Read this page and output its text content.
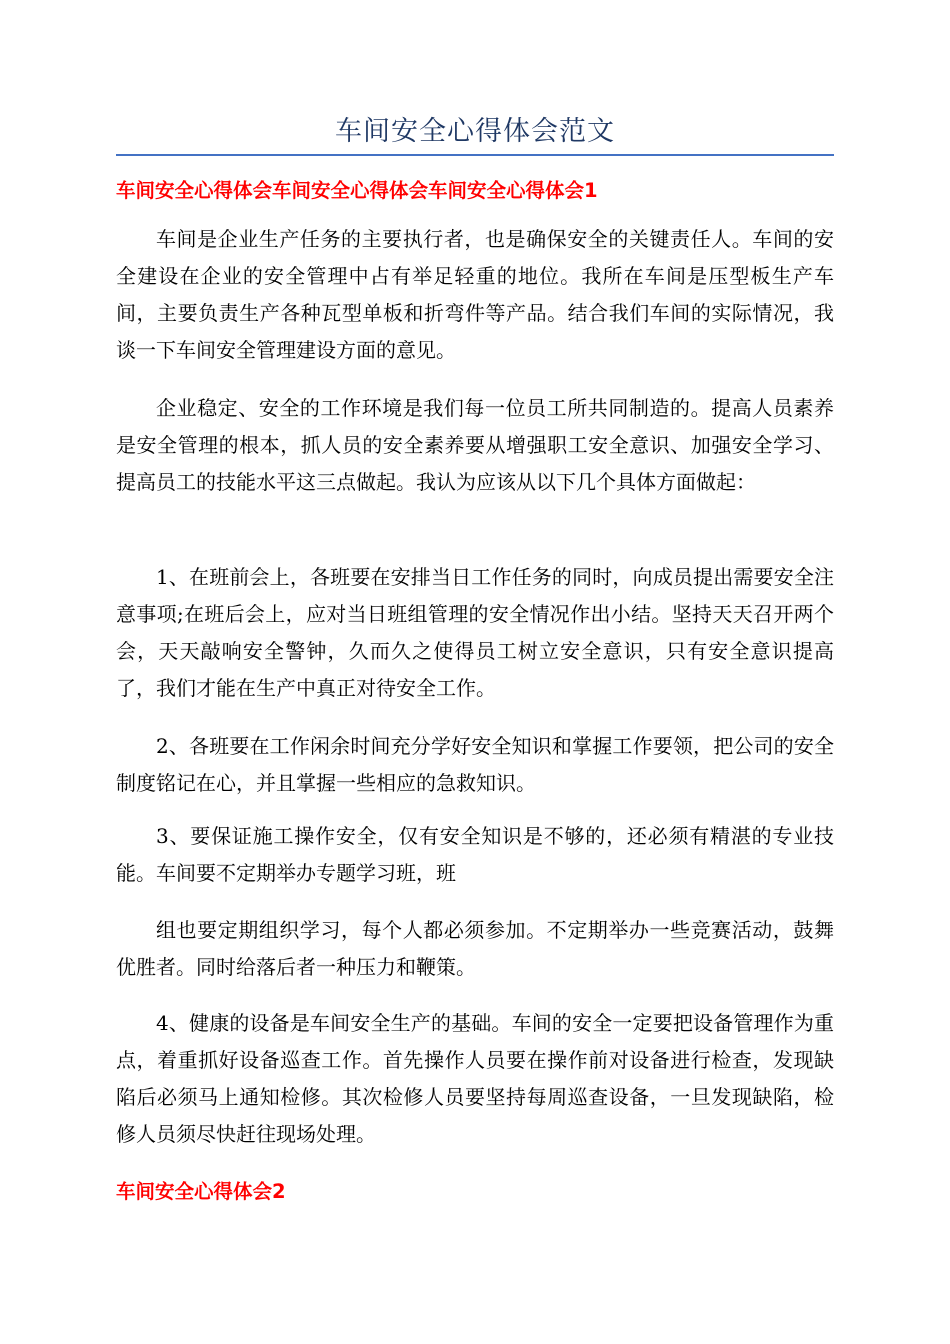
车间安全心得体会范文
车间安全心得体会车间安全心得体会车间安全心得体会1

车间是企业生产任务的主要执行者，也是确保安全的关键责任人。车间的安全建设在企业的安全管理中占有举足轻重的地位。我所在车间是压型板生产车间，主要负责生产各种瓦型单板和折弯件等产品。结合我们车间的实际情况，我谈一下车间安全管理建设方面的意见。

企业稳定、安全的工作环境是我们每一位员工所共同制造的。提高人员素养是安全管理的根本，抓人员的安全素养要从增强职工安全意识、加强安全学习、提高员工的技能水平这三点做起。我认为应该从以下几个具体方面做起：

1、在班前会上，各班要在安排当日工作任务的同时，向成员提出需要安全注意事项;在班后会上，应对当日班组管理的安全情况作出小结。坚持天天召开两个会，天天敲响安全警钟，久而久之使得员工树立安全意识，只有安全意识提高了，我们才能在生产中真正对待安全工作。

2、各班要在工作闲余时间充分学好安全知识和掌握工作要领，把公司的安全制度铭记在心，并且掌握一些相应的急救知识。

3、要保证施工操作安全，仅有安全知识是不够的，还必须有精湛的专业技能。车间要不定期举办专题学习班，班

组也要定期组织学习，每个人都必须参加。不定期举办一些竞赛活动，鼓舞优胜者。同时给落后者一种压力和鞭策。

4、健康的设备是车间安全生产的基础。车间的安全一定要把设备管理作为重点，着重抓好设备巡查工作。首先操作人员要在操作前对设备进行检查，发现缺陷后必须马上通知检修。其次检修人员要坚持每周巡查设备，一旦发现缺陷，检修人员须尽快赶往现场处理。

车间安全心得体会2
